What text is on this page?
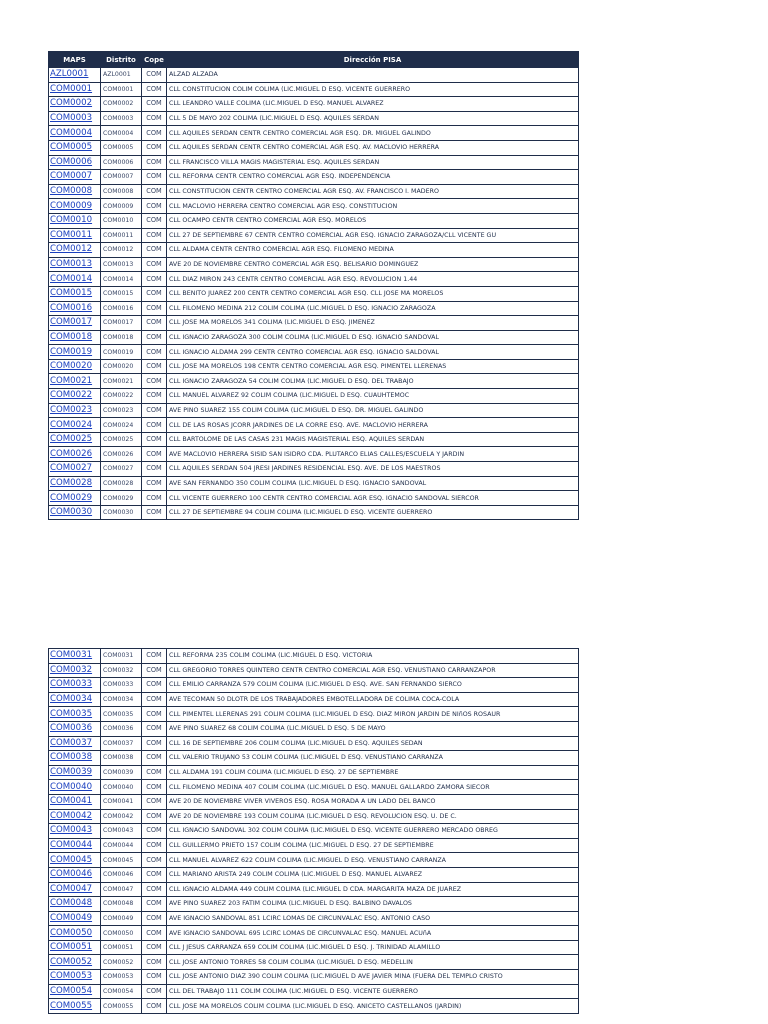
MAPS	Distrito	Cope	Dirección PISA
AZL0001	AZL0001	COM	ALZAD ALZADA
COM0001	COM0001	COM	CLL CONSTITUCION COLIM COLIMA (LIC.MIGUEL D ESQ. VICENTE GUERRERO
COM0002	COM0002	COM	CLL LEANDRO VALLE COLIMA (LIC.MIGUEL D ESQ. MANUEL ALVAREZ
COM0003	COM0003	COM	CLL 5 DE MAYO 202 COLIMA (LIC.MIGUEL D ESQ. AQUILES SERDAN
COM0004	COM0004	COM	CLL AQUILES SERDAN CENTR CENTRO COMERCIAL AGR ESQ. DR. MIGUEL GALINDO
COM0005	COM0005	COM	CLL AQUILES SERDAN CENTR CENTRO COMERCIAL AGR ESQ. AV. MACLOVIO HERRERA
COM0006	COM0006	COM	CLL FRANCISCO VILLA MAGIS MAGISTERIAL ESQ. AQUILES SERDAN
COM0007	COM0007	COM	CLL REFORMA CENTR CENTRO COMERCIAL AGR ESQ. INDEPENDENCIA
COM0008	COM0008	COM	CLL CONSTITUCION CENTR CENTRO COMERCIAL AGR ESQ. AV. FRANCISCO I. MADERO
COM0009	COM0009	COM	CLL MACLOVIO HERRERA CENTRO COMERCIAL AGR ESQ. CONSTITUCION
COM0010	COM0010	COM	CLL OCAMPO CENTR CENTRO COMERCIAL AGR ESQ. MORELOS
COM0011	COM0011	COM	CLL 27 DE SEPTIEMBRE 67 CENTR CENTRO COMERCIAL AGR ESQ. IGNACIO ZARAGOZA/CLL VICENTE GU
COM0012	COM0012	COM	CLL ALDAMA CENTR CENTRO COMERCIAL AGR ESQ. FILOMENO MEDINA
COM0013	COM0013	COM	AVE 20 DE NOVIEMBRE CENTRO COMERCIAL AGR ESQ. BELISARIO DOMINGUEZ
COM0014	COM0014	COM	CLL DIAZ MIRON 243 CENTR CENTRO COMERCIAL AGR ESQ. REVOLUCION 1.44
COM0015	COM0015	COM	CLL BENITO JUAREZ 200 CENTR CENTRO COMERCIAL AGR ESQ. CLL JOSE MA MORELOS
COM0016	COM0016	COM	CLL FILOMENO MEDINA 212 COLIM COLIMA (LIC.MIGUEL D ESQ. IGNACIO ZARAGOZA
COM0017	COM0017	COM	CLL JOSE MA MORELOS 341 COLIMA (LIC.MIGUEL D ESQ. JIMENEZ
COM0018	COM0018	COM	CLL IGNACIO ZARAGOZA 300 COLIM COLIMA (LIC.MIGUEL D ESQ. IGNACIO SANDOVAL
COM0019	COM0019	COM	CLL IGNACIO ALDAMA 299 CENTR CENTRO COMERCIAL AGR ESQ. IGNACIO SALDOVAL
COM0020	COM0020	COM	CLL JOSE MA MORELOS 198 CENTR CENTRO COMERCIAL AGR ESQ. PIMENTEL LLERENAS
COM0021	COM0021	COM	CLL IGNACIO ZARAGOZA 54 COLIM COLIMA (LIC.MIGUEL D ESQ. DEL TRABAJO
COM0022	COM0022	COM	CLL MANUEL ALVAREZ 92 COLIM COLIMA (LIC.MIGUEL D ESQ. CUAUHTEMOC
COM0023	COM0023	COM	AVE PINO SUAREZ 155 COLIM COLIMA (LIC.MIGUEL D ESQ. DR. MIGUEL GALINDO
COM0024	COM0024	COM	CLL DE LAS ROSAS JCORR JARDINES DE LA CORRE ESQ. AVE. MACLOVIO HERRERA
COM0025	COM0025	COM	CLL BARTOLOME DE LAS CASAS 231 MAGIS MAGISTERIAL ESQ. AQUILES SERDAN
COM0026	COM0026	COM	AVE MACLOVIO HERRERA SISID SAN ISIDRO CDA. PLUTARCO ELIAS CALLES/ESCUELA Y JARDIN
COM0027	COM0027	COM	CLL AQUILES SERDAN 504 JRESI JARDINES RESIDENCIAL ESQ. AVE. DE LOS MAESTROS
COM0028	COM0028	COM	AVE SAN FERNANDO 350 COLIM COLIMA (LIC.MIGUEL D ESQ. IGNACIO SANDOVAL
COM0029	COM0029	COM	CLL VICENTE GUERRERO 100 CENTR CENTRO COMERCIAL AGR ESQ. IGNACIO SANDOVAL SIERCOR
COM0030	COM0030	COM	CLL 27 DE SEPTIEMBRE 94 COLIM COLIMA (LIC.MIGUEL D ESQ. VICENTE GUERRERO
COM0031	COM0031	COM	CLL REFORMA 235 COLIM COLIMA (LIC.MIGUEL D ESQ. VICTORIA
COM0032	COM0032	COM	CLL GREGORIO TORRES QUINTERO CENTR CENTRO COMERCIAL AGR ESQ. VENUSTIANO CARRANZAPOR
COM0033	COM0033	COM	CLL EMILIO CARRANZA 579 COLIM COLIMA (LIC.MIGUEL D ESQ. AVE. SAN FERNANDO SIERCO
COM0034	COM0034	COM	AVE TECOMAN 50 DLOTR DE LOS TRABAJADORES EMBOTELLADORA DE COLIMA COCA-COLA
COM0035	COM0035	COM	CLL PIMENTEL LLERENAS 291 COLIM COLIMA (LIC.MIGUEL D ESQ. DIAZ MIRON JARDIN DE NIñOS ROSAUR
COM0036	COM0036	COM	AVE PINO SUAREZ 68 COLIM COLIMA (LIC.MIGUEL D ESQ. 5 DE MAYO
COM0037	COM0037	COM	CLL 16 DE SEPTIEMBRE 206 COLIM COLIMA (LIC.MIGUEL D ESQ. AQUILES SEDAN
COM0038	COM0038	COM	CLL VALERIO TRUJANO 53 COLIM COLIMA (LIC.MIGUEL D ESQ. VENUSTIANO CARRANZA
COM0039	COM0039	COM	CLL ALDAMA 191 COLIM COLIMA (LIC.MIGUEL D ESQ. 27 DE SEPTIEMBRE
COM0040	COM0040	COM	CLL FILOMENO MEDINA 407 COLIM COLIMA (LIC.MIGUEL D ESQ. MANUEL GALLARDO ZAMORA SIECOR
COM0041	COM0041	COM	AVE 20 DE NOVIEMBRE VIVER VIVEROS ESQ. ROSA MORADA A UN LADO DEL BANCO
COM0042	COM0042	COM	AVE 20 DE NOVIEMBRE 193 COLIM COLIMA (LIC.MIGUEL D ESQ. REVOLUCION ESQ. U. DE C.
COM0043	COM0043	COM	CLL IGNACIO SANDOVAL 302 COLIM COLIMA (LIC.MIGUEL D ESQ. VICENTE GUERRERO MERCADO OBREG
COM0044	COM0044	COM	CLL GUILLERMO PRIETO 157 COLIM COLIMA (LIC.MIGUEL D ESQ. 27 DE SEPTIEMBRE
COM0045	COM0045	COM	CLL MANUEL ALVAREZ 622 COLIM COLIMA (LIC.MIGUEL D ESQ. VENUSTIANO CARRANZA
COM0046	COM0046	COM	CLL MARIANO ARISTA 249 COLIM COLIMA (LIC.MIGUEL D ESQ. MANUEL ALVAREZ
COM0047	COM0047	COM	CLL IGNACIO ALDAMA 449 COLIM COLIMA (LIC.MIGUEL D CDA. MARGARITA MAZA DE JUAREZ
COM0048	COM0048	COM	AVE PINO SUAREZ 203 FATIM COLIMA (LIC.MIGUEL D ESQ. BALBINO DAVALOS
COM0049	COM0049	COM	AVE IGNACIO SANDOVAL 851 LCIRC LOMAS DE CIRCUNVALAC ESQ. ANTONIO CASO
COM0050	COM0050	COM	AVE IGNACIO SANDOVAL 695 LCIRC LOMAS DE CIRCUNVALAC ESQ. MANUEL ACUñA
COM0051	COM0051	COM	CLL J JESUS CARRANZA 659 COLIM COLIMA (LIC.MIGUEL D ESQ. J. TRINIDAD ALAMILLO
COM0052	COM0052	COM	CLL JOSE ANTONIO TORRES 58 COLIM COLIMA (LIC.MIGUEL D ESQ. MEDELLIN
COM0053	COM0053	COM	CLL JOSE ANTONIO DIAZ 390 COLIM COLIMA (LIC.MIGUEL D AVE JAVIER MINA (FUERA DEL TEMPLO CRISTO
COM0054	COM0054	COM	CLL DEL TRABAJO 111 COLIM COLIMA (LIC.MIGUEL D ESQ. VICENTE GUERRERO
COM0055	COM0055	COM	CLL JOSE MA MORELOS COLIM COLIMA (LIC.MIGUEL D ESQ. ANICETO CASTELLANOS (JARDIN)
